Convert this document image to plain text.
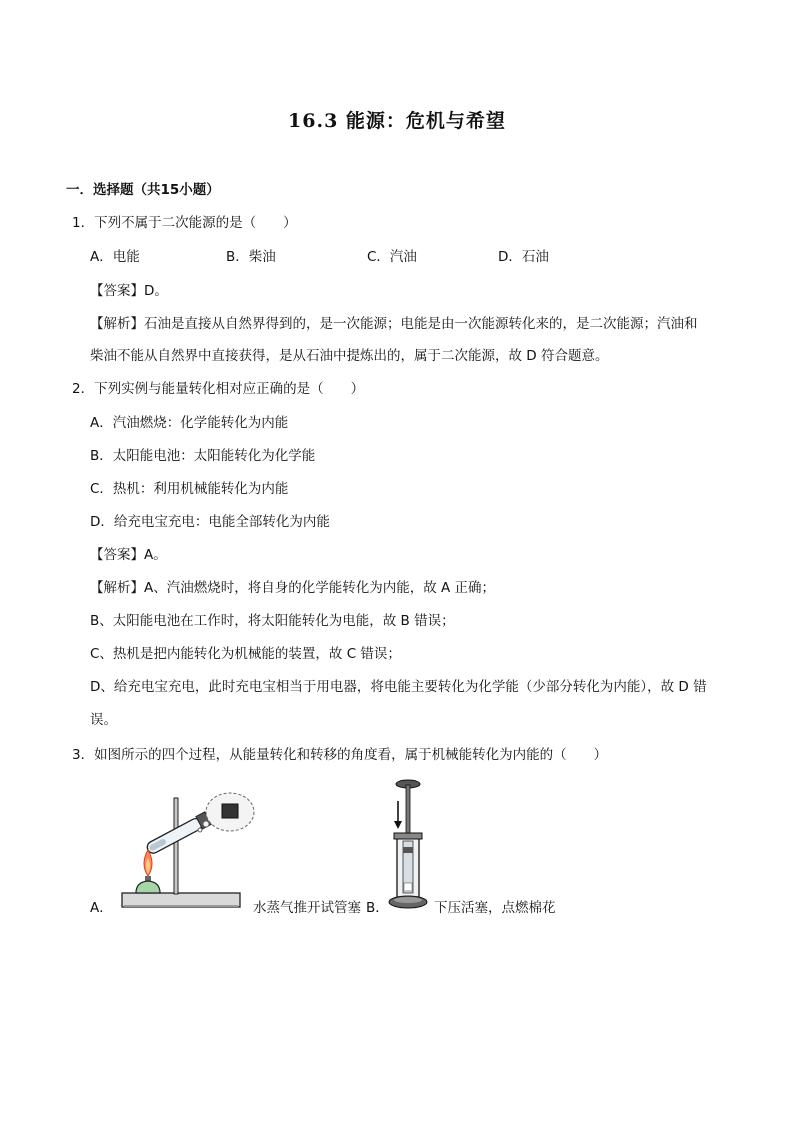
16.3 能源：危机与希望
一．选择题（共15小题）
1．下列不属于二次能源的是（　　）
A．电能	B．柴油	C．汽油	D．石油
【答案】D。
【解析】石油是直接从自然界得到的，是一次能源；电能是由一次能源转化来的，是二次能源；汽油和
柴油不能从自然界中直接获得，是从石油中提炼出的，属于二次能源，故 D 符合题意。
2．下列实例与能量转化相对应正确的是（　　）
A．汽油燃烧：化学能转化为内能
B．太阳能电池：太阳能转化为化学能
C．热机：利用机械能转化为内能
D．给充电宝充电：电能全部转化为内能
【答案】A。
【解析】A、汽油燃烧时，将自身的化学能转化为内能，故 A 正确；
B、太阳能电池在工作时，将太阳能转化为电能，故 B 错误；
C、热机是把内能转化为机械能的装置，故 C 错误；
D、给充电宝充电，此时充电宝相当于用电器，将电能主要转化为化学能（少部分转化为内能），故 D 错
误。
3．如图所示的四个过程，从能量转化和转移的角度看，属于机械能转化为内能的（　　）
A．	水蒸气推开试管塞 B．	下压活塞，点燃棉花
